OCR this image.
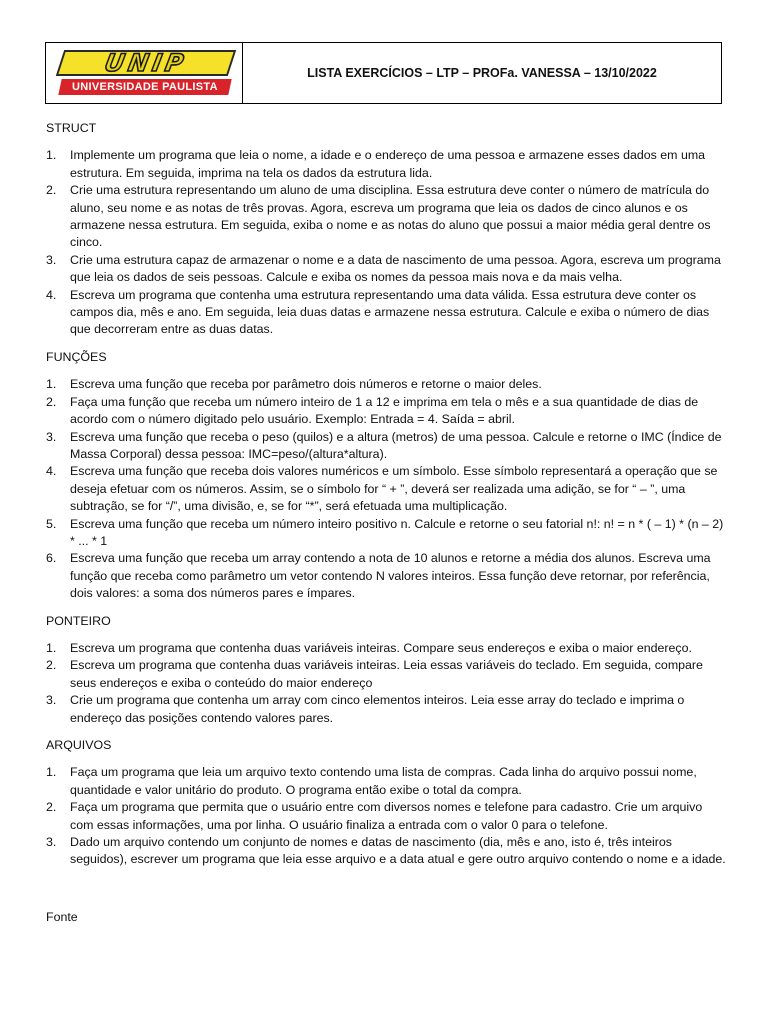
UNIP
UNIVERSIDADE PAULISTA
LISTA EXERCÍCIOS – LTP – PROFa. VANESSA – 13/10/2022
STRUCT
1. Implemente um programa que leia o nome, a idade e o endereço de uma pessoa e armazene esses dados em uma estrutura. Em seguida, imprima na tela os dados da estrutura lida.
2. Crie uma estrutura representando um aluno de uma disciplina. Essa estrutura deve conter o número de matrícula do aluno, seu nome e as notas de três provas. Agora, escreva um programa que leia os dados de cinco alunos e os armazene nessa estrutura. Em seguida, exiba o nome e as notas do aluno que possui a maior média geral dentre os cinco.
3. Crie uma estrutura capaz de armazenar o nome e a data de nascimento de uma pessoa. Agora, escreva um programa que leia os dados de seis pessoas. Calcule e exiba os nomes da pessoa mais nova e da mais velha.
4. Escreva um programa que contenha uma estrutura representando uma data válida. Essa estrutura deve conter os campos dia, mês e ano. Em seguida, leia duas datas e armazene nessa estrutura. Calcule e exiba o número de dias que decorreram entre as duas datas.
FUNÇÕES
1. Escreva uma função que receba por parâmetro dois números e retorne o maior deles.
2. Faça uma função que receba um número inteiro de 1 a 12 e imprima em tela o mês e a sua quantidade de dias de acordo com o número digitado pelo usuário. Exemplo: Entrada = 4. Saída = abril.
3. Escreva uma função que receba o peso (quilos) e a altura (metros) de uma pessoa. Calcule e retorne o IMC (Índice de Massa Corporal) dessa pessoa: IMC=peso/(altura*altura).
4. Escreva uma função que receba dois valores numéricos e um símbolo. Esse símbolo representará a operação que se deseja efetuar com os números. Assim, se o símbolo for “ + ”, deverá ser realizada uma adição, se for “ – ”, uma subtração, se for “/”, uma divisão, e, se for “*”, será efetuada uma multiplicação.
5. Escreva uma função que receba um número inteiro positivo n. Calcule e retorne o seu fatorial n!: n! = n * ( – 1) * (n – 2) * ... * 1
6. Escreva uma função que receba um array contendo a nota de 10 alunos e retorne a média dos alunos. Escreva uma função que receba como parâmetro um vetor contendo N valores inteiros. Essa função deve retornar, por referência, dois valores: a soma dos números pares e ímpares.
PONTEIRO
1. Escreva um programa que contenha duas variáveis inteiras. Compare seus endereços e exiba o maior endereço.
2. Escreva um programa que contenha duas variáveis inteiras. Leia essas variáveis do teclado. Em seguida, compare seus endereços e exiba o conteúdo do maior endereço
3. Crie um programa que contenha um array com cinco elementos inteiros. Leia esse array do teclado e imprima o endereço das posições contendo valores pares.
ARQUIVOS
1. Faça um programa que leia um arquivo texto contendo uma lista de compras. Cada linha do arquivo possui nome, quantidade e valor unitário do produto. O programa então exibe o total da compra.
2. Faça um programa que permita que o usuário entre com diversos nomes e telefone para cadastro. Crie um arquivo com essas informações, uma por linha. O usuário finaliza a entrada com o valor 0 para o telefone.
3. Dado um arquivo contendo um conjunto de nomes e datas de nascimento (dia, mês e ano, isto é, três inteiros seguidos), escrever um programa que leia esse arquivo e a data atual e gere outro arquivo contendo o nome e a idade.
Fonte
